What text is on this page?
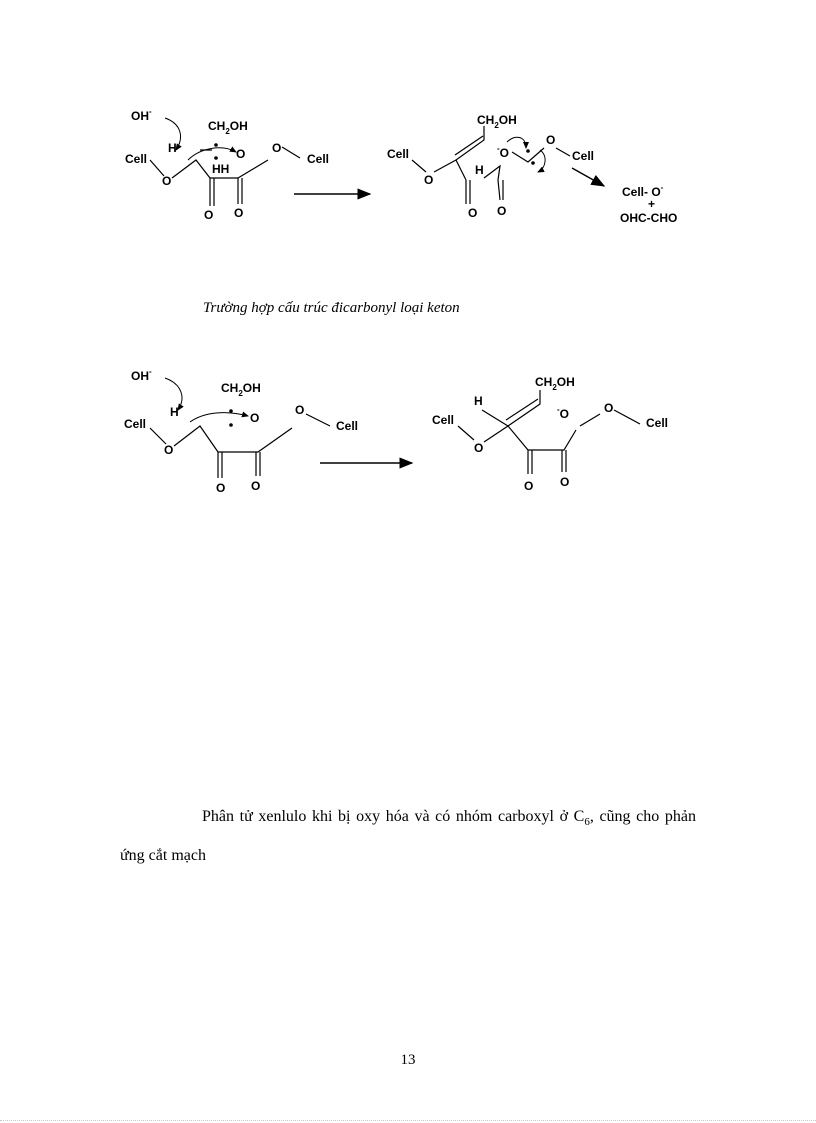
OH-
$CH_2OH$
H	O
HH
Cell
O
O
Cell
O O
$CH_2OH$
-O
H
Cell
O
O
Cell
O O
Cell- O-
+
OHC-CHO
Trường hợp cấu trúc đicarbonyl loại keton
OH-
$CH_2OH$
H	O
Cell
O
O
Cell
O O
$CH_2OH$
H
-O
Cell
O
O
Cell
O O
Phân tử xenlulo khi bị oxy hóa và có nhóm carboxyl ở $C_6$, cũng cho phản ứng cắt mạch
13
